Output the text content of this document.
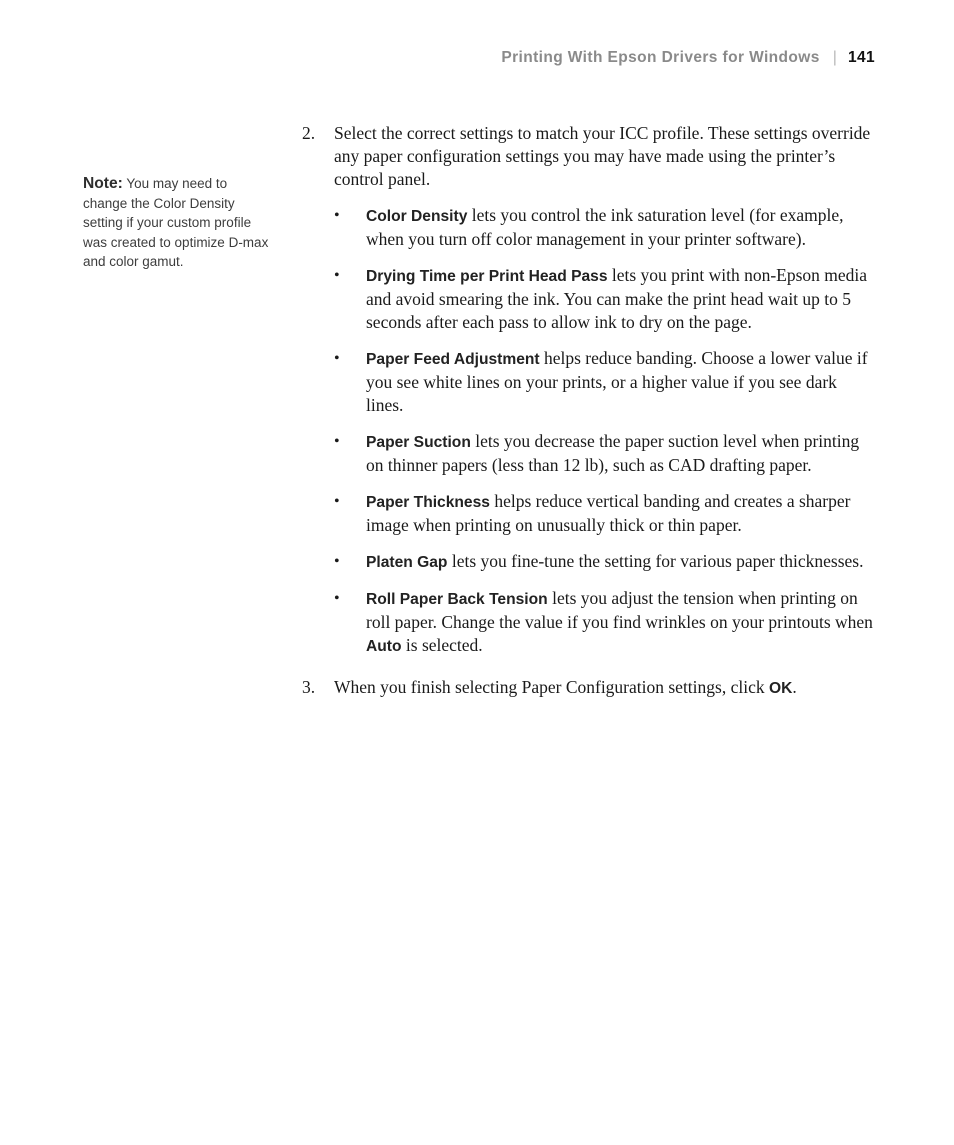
Printing With Epson Drivers for Windows | 141
Note: You may need to change the Color Density setting if your custom profile was created to optimize D-max and color gamut.
2.	Select the correct settings to match your ICC profile. These settings override any paper configuration settings you may have made using the printer’s control panel.
•	Color Density lets you control the ink saturation level (for example, when you turn off color management in your printer software).
•	Drying Time per Print Head Pass lets you print with non-Epson media and avoid smearing the ink. You can make the print head wait up to 5 seconds after each pass to allow ink to dry on the page.
•	Paper Feed Adjustment helps reduce banding. Choose a lower value if you see white lines on your prints, or a higher value if you see dark lines.
•	Paper Suction lets you decrease the paper suction level when printing on thinner papers (less than 12 lb), such as CAD drafting paper.
•	Paper Thickness helps reduce vertical banding and creates a sharper image when printing on unusually thick or thin paper.
•	Platen Gap lets you fine-tune the setting for various paper thicknesses.
•	Roll Paper Back Tension lets you adjust the tension when printing on roll paper. Change the value if you find wrinkles on your printouts when Auto is selected.
3.	When you finish selecting Paper Configuration settings, click OK.
